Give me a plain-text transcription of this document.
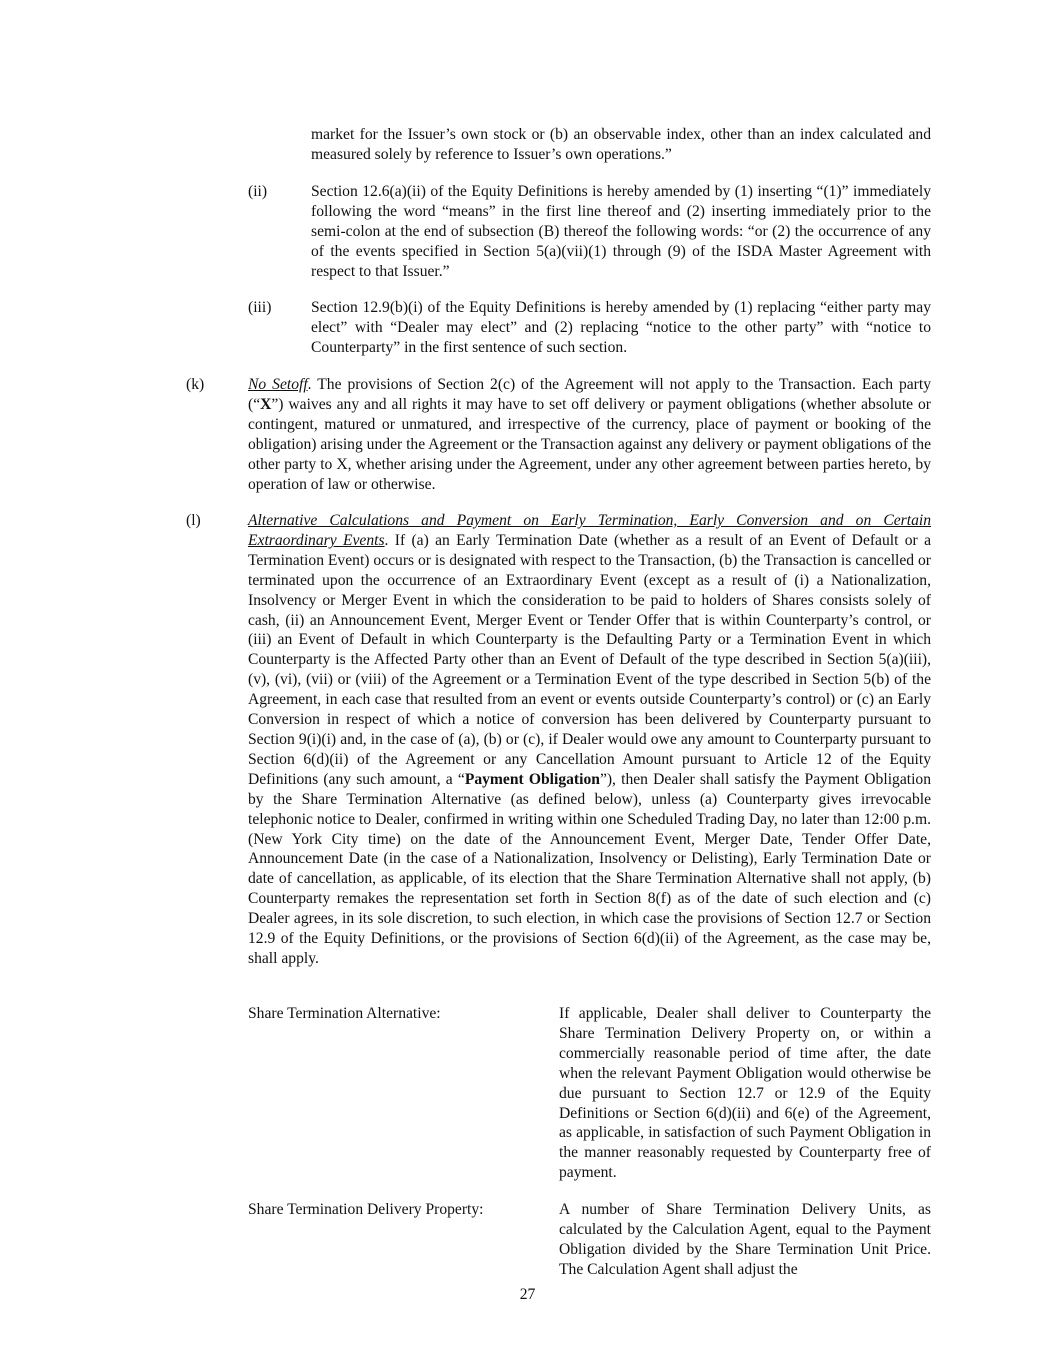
market for the Issuer’s own stock or (b) an observable index, other than an index calculated and measured solely by reference to Issuer’s own operations.”
(ii)	Section 12.6(a)(ii) of the Equity Definitions is hereby amended by (1) inserting “(1)” immediately following the word “means” in the first line thereof and (2) inserting immediately prior to the semi-colon at the end of subsection (B) thereof the following words: “or (2) the occurrence of any of the events specified in Section 5(a)(vii)(1) through (9) of the ISDA Master Agreement with respect to that Issuer.”
(iii)	Section 12.9(b)(i) of the Equity Definitions is hereby amended by (1) replacing “either party may elect” with “Dealer may elect” and (2) replacing “notice to the other party” with “notice to Counterparty” in the first sentence of such section.
(k)	No Setoff. The provisions of Section 2(c) of the Agreement will not apply to the Transaction. Each party (“X”) waives any and all rights it may have to set off delivery or payment obligations (whether absolute or contingent, matured or unmatured, and irrespective of the currency, place of payment or booking of the obligation) arising under the Agreement or the Transaction against any delivery or payment obligations of the other party to X, whether arising under the Agreement, under any other agreement between parties hereto, by operation of law or otherwise.
(l)	Alternative Calculations and Payment on Early Termination, Early Conversion and on Certain Extraordinary Events. If (a) an Early Termination Date (whether as a result of an Event of Default or a Termination Event) occurs or is designated with respect to the Transaction, (b) the Transaction is cancelled or terminated upon the occurrence of an Extraordinary Event (except as a result of (i) a Nationalization, Insolvency or Merger Event in which the consideration to be paid to holders of Shares consists solely of cash, (ii) an Announcement Event, Merger Event or Tender Offer that is within Counterparty’s control, or (iii) an Event of Default in which Counterparty is the Defaulting Party or a Termination Event in which Counterparty is the Affected Party other than an Event of Default of the type described in Section 5(a)(iii), (v), (vi), (vii) or (viii) of the Agreement or a Termination Event of the type described in Section 5(b) of the Agreement, in each case that resulted from an event or events outside Counterparty’s control) or (c) an Early Conversion in respect of which a notice of conversion has been delivered by Counterparty pursuant to Section 9(i)(i) and, in the case of (a), (b) or (c), if Dealer would owe any amount to Counterparty pursuant to Section 6(d)(ii) of the Agreement or any Cancellation Amount pursuant to Article 12 of the Equity Definitions (any such amount, a “Payment Obligation”), then Dealer shall satisfy the Payment Obligation by the Share Termination Alternative (as defined below), unless (a) Counterparty gives irrevocable telephonic notice to Dealer, confirmed in writing within one Scheduled Trading Day, no later than 12:00 p.m. (New York City time) on the date of the Announcement Event, Merger Date, Tender Offer Date, Announcement Date (in the case of a Nationalization, Insolvency or Delisting), Early Termination Date or date of cancellation, as applicable, of its election that the Share Termination Alternative shall not apply, (b) Counterparty remakes the representation set forth in Section 8(f) as of the date of such election and (c) Dealer agrees, in its sole discretion, to such election, in which case the provisions of Section 12.7 or Section 12.9 of the Equity Definitions, or the provisions of Section 6(d)(ii) of the Agreement, as the case may be, shall apply.
Share Termination Alternative:	If applicable, Dealer shall deliver to Counterparty the Share Termination Delivery Property on, or within a commercially reasonable period of time after, the date when the relevant Payment Obligation would otherwise be due pursuant to Section 12.7 or 12.9 of the Equity Definitions or Section 6(d)(ii) and 6(e) of the Agreement, as applicable, in satisfaction of such Payment Obligation in the manner reasonably requested by Counterparty free of payment.
Share Termination Delivery Property:	A number of Share Termination Delivery Units, as calculated by the Calculation Agent, equal to the Payment Obligation divided by the Share Termination Unit Price. The Calculation Agent shall adjust the
27
